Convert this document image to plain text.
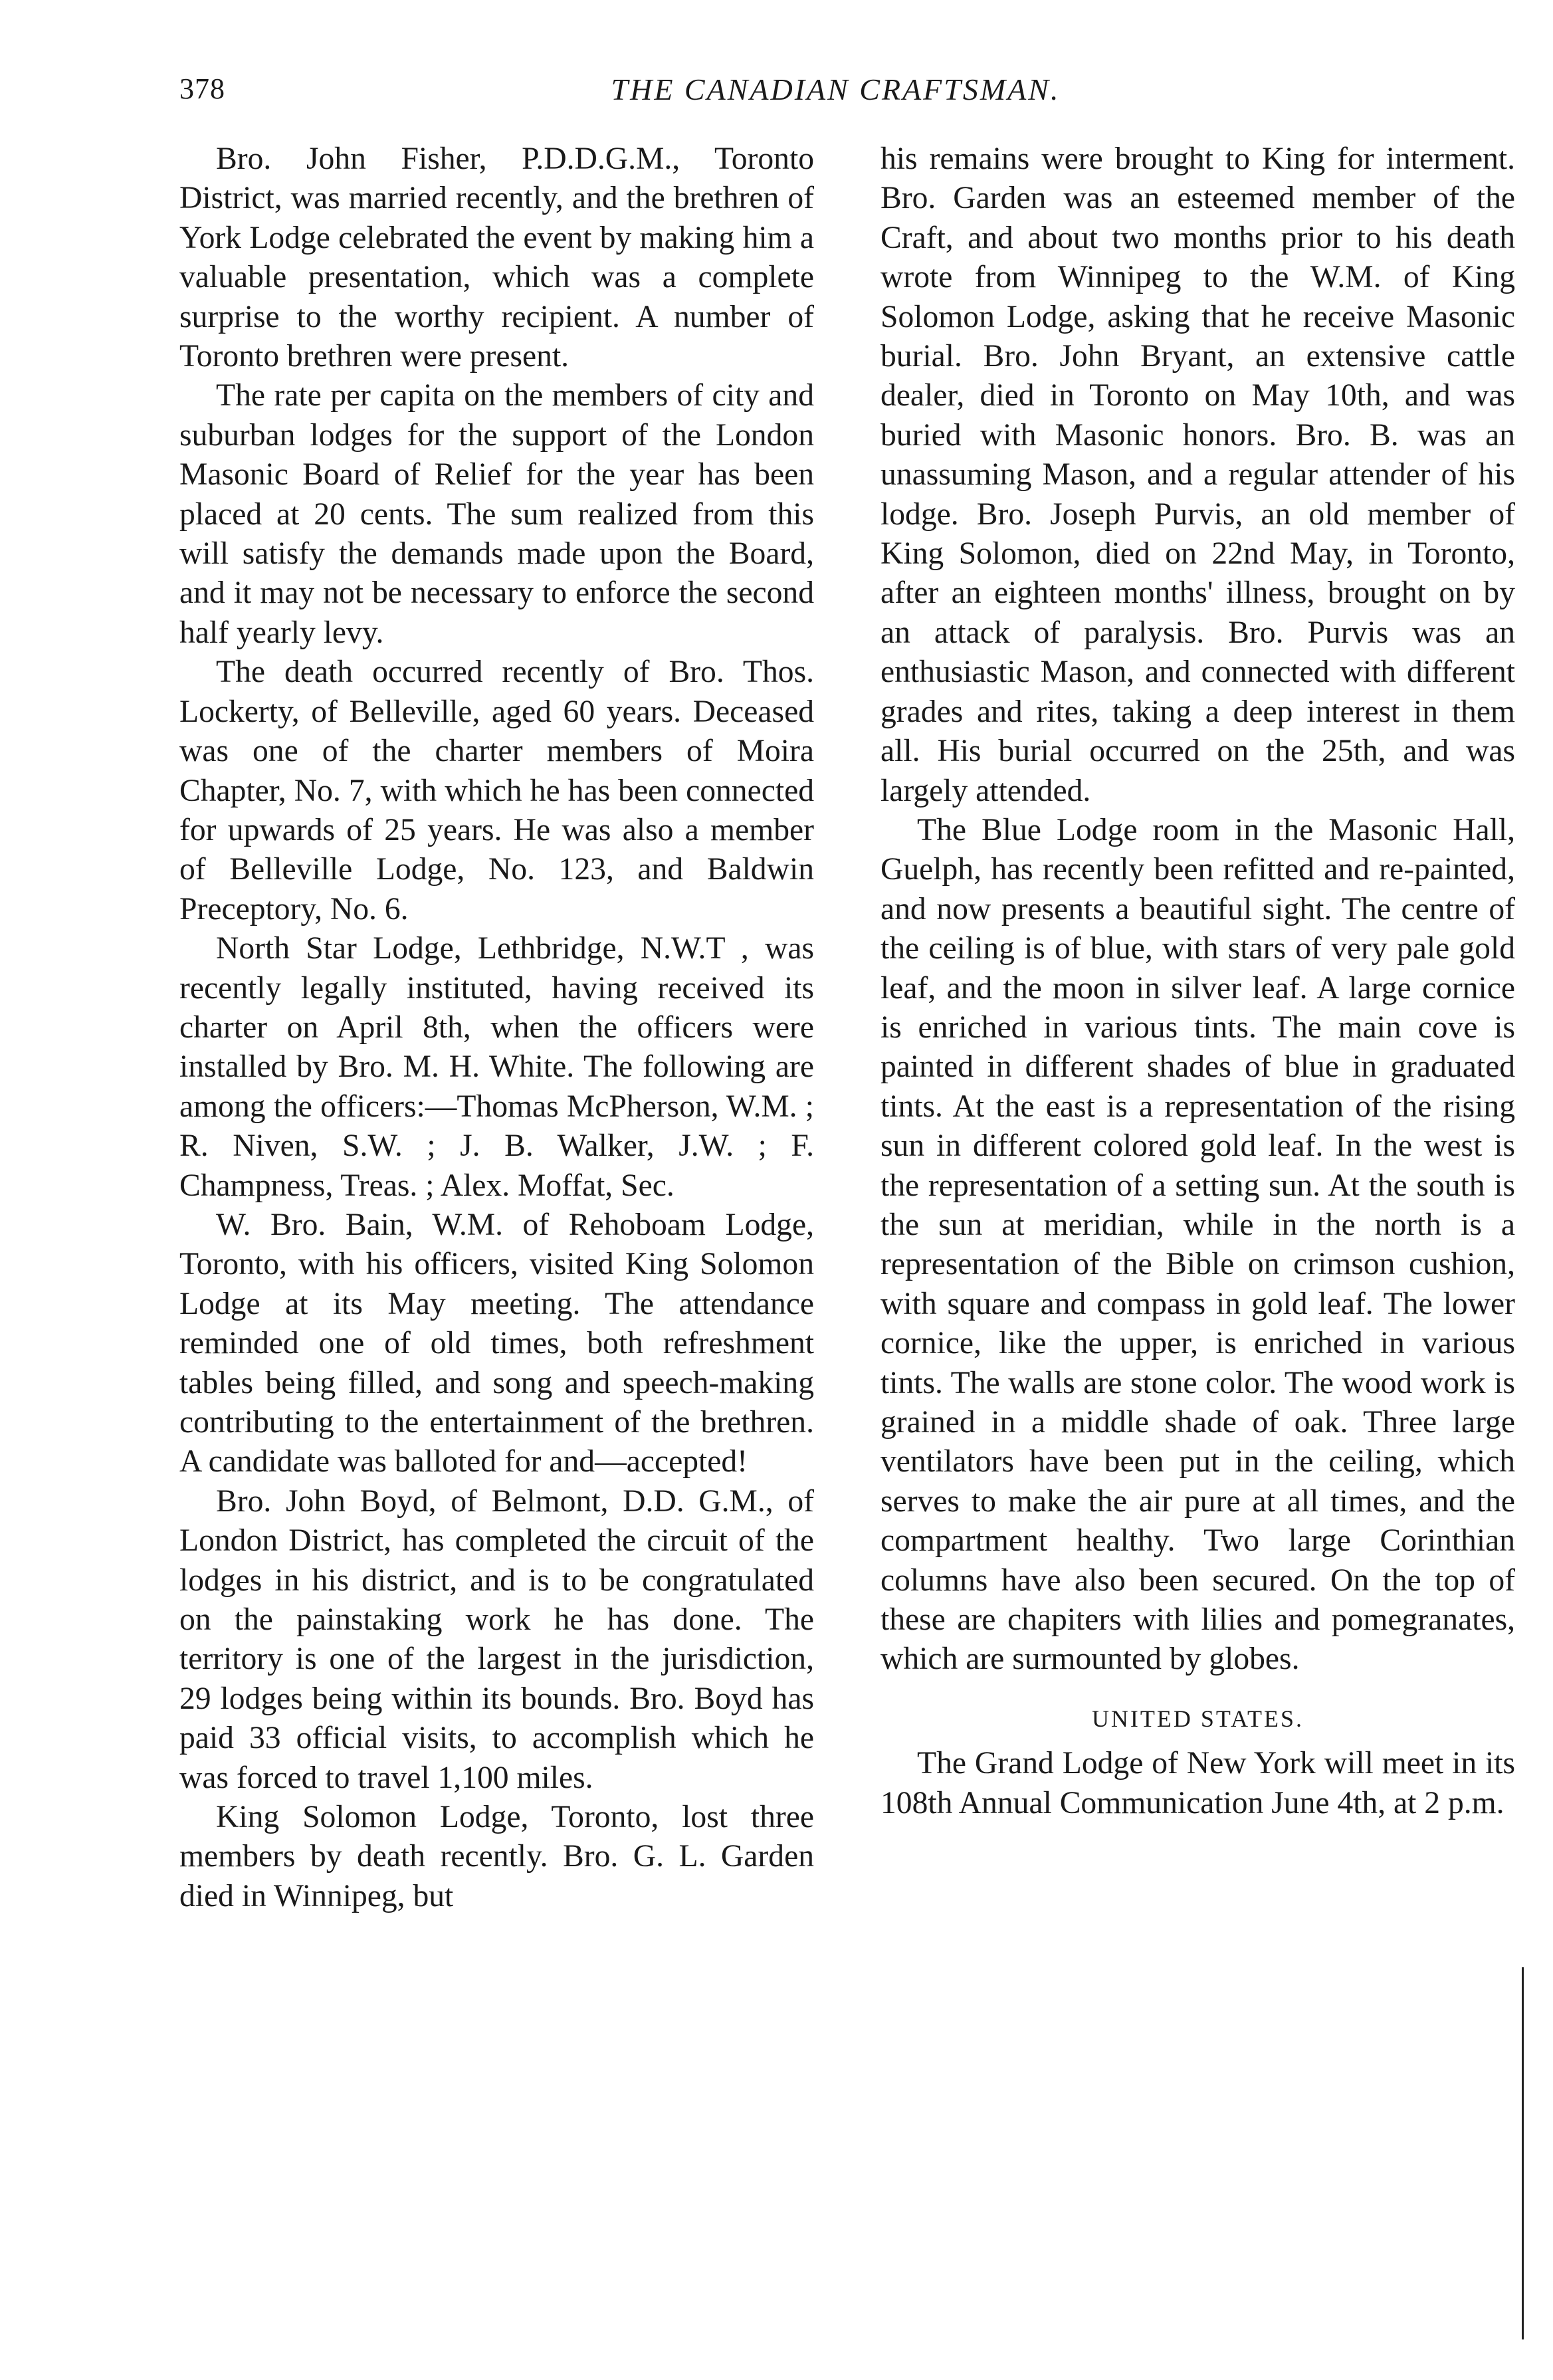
378	THE CANADIAN CRAFTSMAN.

Bro. John Fisher, P.D.D.G.M., Toronto District, was married recently, and the brethren of York Lodge celebrated the event by making him a valuable presentation, which was a complete surprise to the worthy recipient. A number of Toronto brethren were present.

The rate per capita on the members of city and suburban lodges for the support of the London Masonic Board of Relief for the year has been placed at 20 cents. The sum realized from this will satisfy the demands made upon the Board, and it may not be necessary to enforce the second half yearly levy.

The death occurred recently of Bro. Thos. Lockerty, of Belleville, aged 60 years. Deceased was one of the charter members of Moira Chapter, No. 7, with which he has been connected for upwards of 25 years. He was also a member of Belleville Lodge, No. 123, and Baldwin Preceptory, No. 6.

North Star Lodge, Lethbridge, N.W.T , was recently legally instituted, having received its charter on April 8th, when the officers were installed by Bro. M. H. White. The following are among the officers:—Thomas McPherson, W.M. ; R. Niven, S.W. ; J. B. Walker, J.W. ; F. Champness, Treas. ; Alex. Moffat, Sec.

W. Bro. Bain, W.M. of Rehoboam Lodge, Toronto, with his officers, visited King Solomon Lodge at its May meeting. The attendance reminded one of old times, both refreshment tables being filled, and song and speech-making contributing to the entertainment of the brethren. A candidate was balloted for and—accepted!

Bro. John Boyd, of Belmont, D.D. G.M., of London District, has completed the circuit of the lodges in his district, and is to be congratulated on the painstaking work he has done. The territory is one of the largest in the jurisdiction, 29 lodges being within its bounds. Bro. Boyd has paid 33 official visits, to accomplish which he was forced to travel 1,100 miles.

King Solomon Lodge, Toronto, lost three members by death recently. Bro. G. L. Garden died in Winnipeg, but

his remains were brought to King for interment. Bro. Garden was an esteemed member of the Craft, and about two months prior to his death wrote from Winnipeg to the W.M. of King Solomon Lodge, asking that he receive Masonic burial. Bro. John Bryant, an extensive cattle dealer, died in Toronto on May 10th, and was buried with Masonic honors. Bro. B. was an unassuming Mason, and a regular attender of his lodge. Bro. Joseph Purvis, an old member of King Solomon, died on 22nd May, in Toronto, after an eighteen months' illness, brought on by an attack of paralysis. Bro. Purvis was an enthusiastic Mason, and connected with different grades and rites, taking a deep interest in them all. His burial occurred on the 25th, and was largely attended.

The Blue Lodge room in the Masonic Hall, Guelph, has recently been refitted and re-painted, and now presents a beautiful sight. The centre of the ceiling is of blue, with stars of very pale gold leaf, and the moon in silver leaf. A large cornice is enriched in various tints. The main cove is painted in different shades of blue in graduated tints. At the east is a representation of the rising sun in different colored gold leaf. In the west is the representation of a setting sun. At the south is the sun at meridian, while in the north is a representation of the Bible on crimson cushion, with square and compass in gold leaf. The lower cornice, like the upper, is enriched in various tints. The walls are stone color. The wood work is grained in a middle shade of oak. Three large ventilators have been put in the ceiling, which serves to make the air pure at all times, and the compartment healthy. Two large Corinthian columns have also been secured. On the top of these are chapiters with lilies and pomegranates, which are surmounted by globes.

UNITED STATES.

The Grand Lodge of New York will meet in its 108th Annual Communication June 4th, at 2 p.m.
